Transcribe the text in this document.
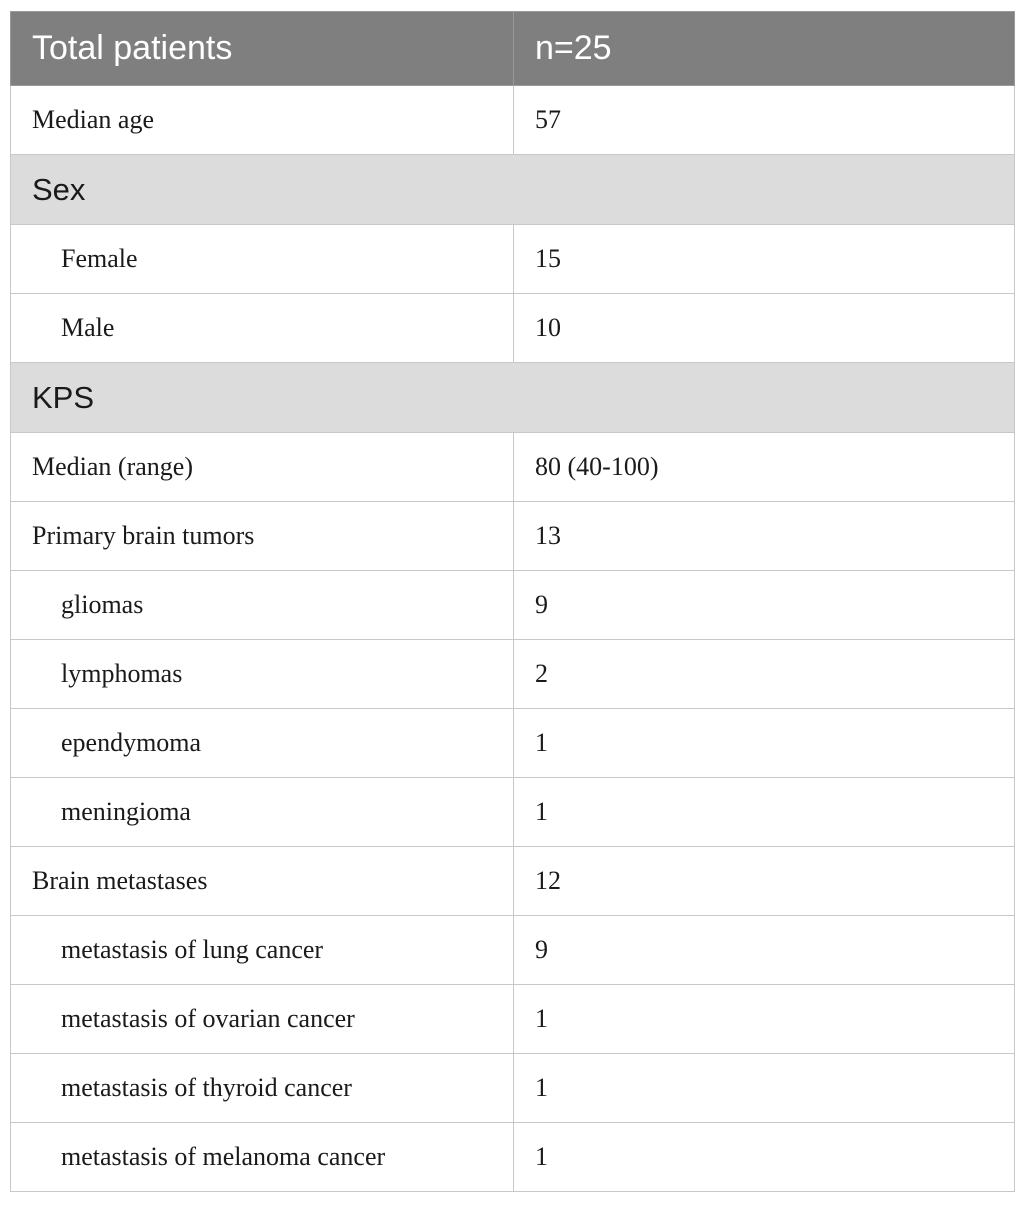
Total patients	n=25
Median age	57
Sex	
Female	15
Male	10
KPS	
Median (range)	80 (40-100)
Primary brain tumors	13
gliomas	9
lymphomas	2
ependymoma	1
meningioma	1
Brain metastases	12
metastasis of lung cancer	9
metastasis of ovarian cancer	1
metastasis of thyroid cancer	1
metastasis of melanoma cancer	1
